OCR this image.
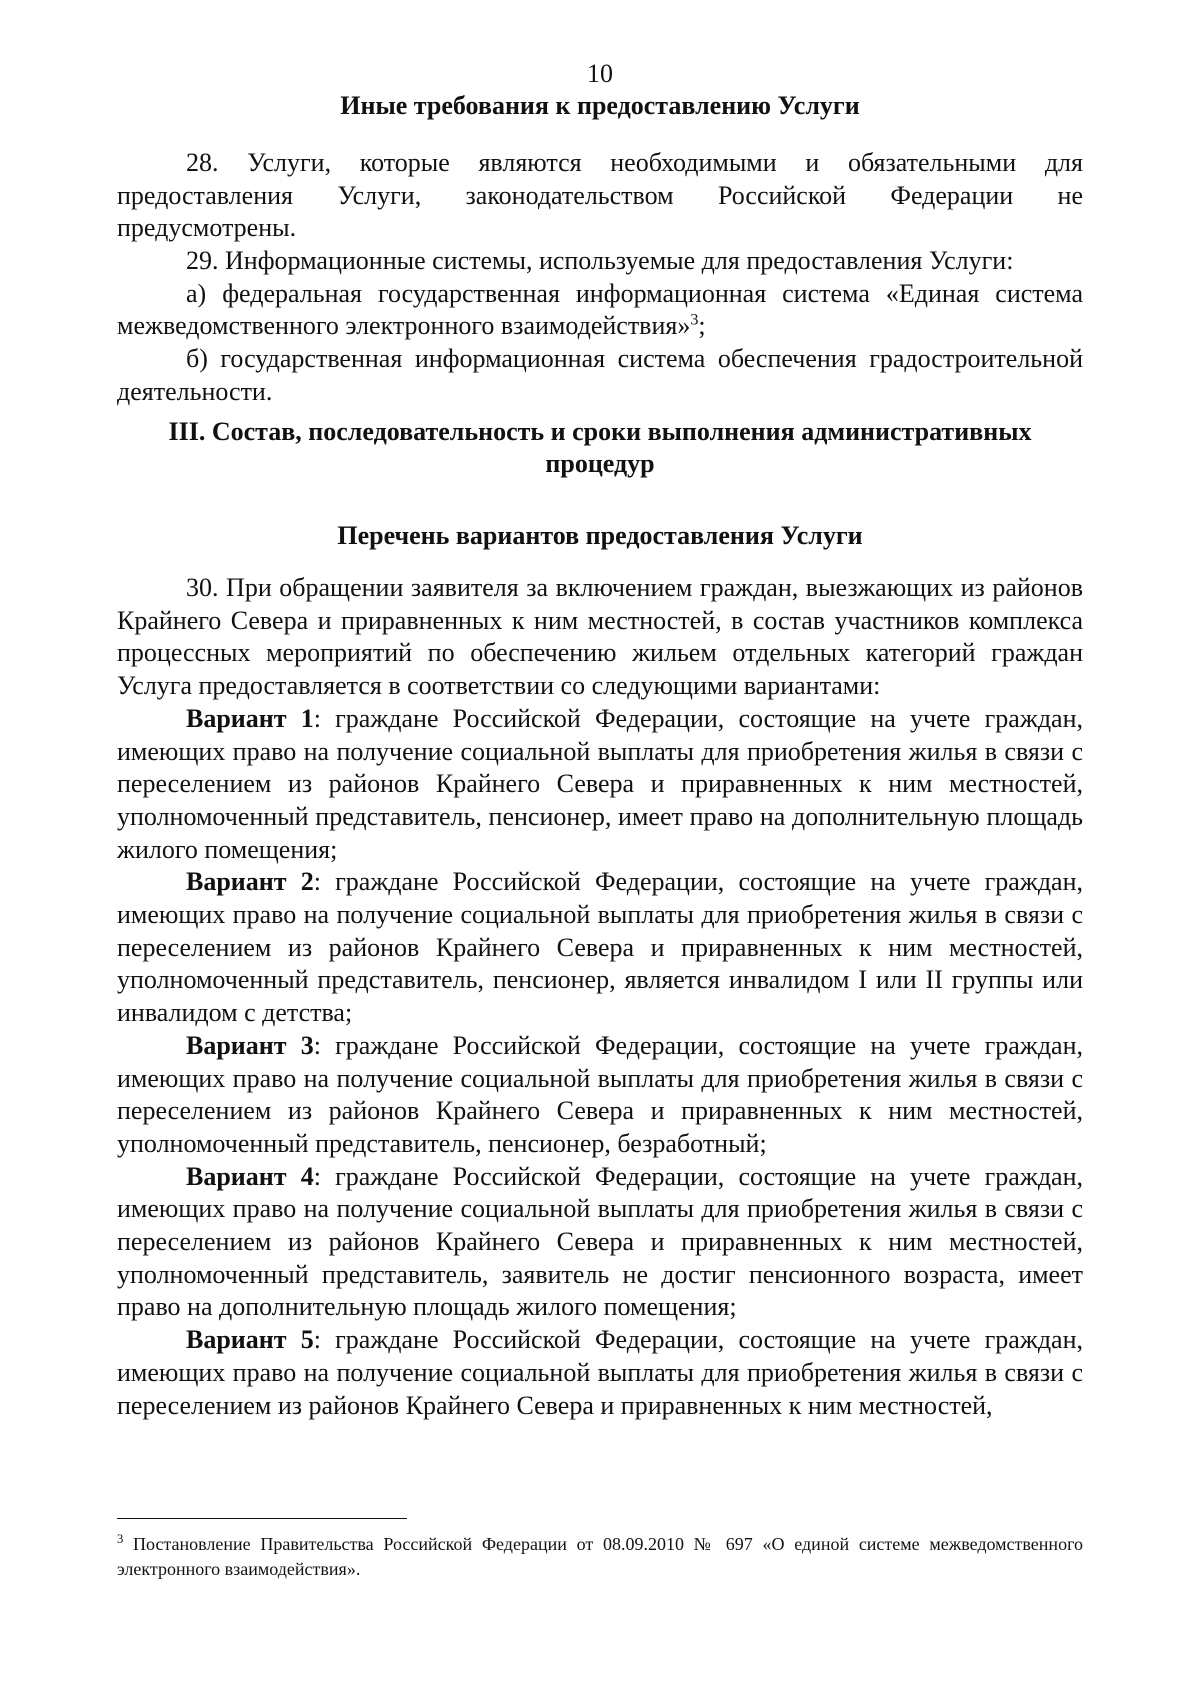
10

Иные требования к предоставлению Услуги

28. Услуги, которые являются необходимыми и обязательными для

предоставления Услуги, законодательством Российской Федерации не

предусмотрены.

29. Информационные системы, используемые для предоставления Услуги:

а) федеральная государственная информационная система «Единая система межведомственного электронного взаимодействия»$^3$;

б) государственная информационная система обеспечения градостроительной деятельности.

III. Состав, последовательность и сроки выполнения административных

процедур

Перечень вариантов предоставления Услуги

30. При обращении заявителя за включением граждан, выезжающих из районов Крайнего Севера и приравненных к ним местностей, в состав участников комплекса процессных мероприятий по обеспечению жильем отдельных категорий граждан Услуга предоставляется в соответствии со следующими вариантами:

Вариант 1: граждане Российской Федерации, состоящие на учете граждан, имеющих право на получение социальной выплаты для приобретения жилья в связи с переселением из районов Крайнего Севера и приравненных к ним местностей, уполномоченный представитель, пенсионер, имеет право на дополнительную площадь жилого помещения;

Вариант 2: граждане Российской Федерации, состоящие на учете граждан, имеющих право на получение социальной выплаты для приобретения жилья в связи с переселением из районов Крайнего Севера и приравненных к ним местностей, уполномоченный представитель, пенсионер, является инвалидом I или II группы или инвалидом с детства;

Вариант 3: граждане Российской Федерации, состоящие на учете граждан, имеющих право на получение социальной выплаты для приобретения жилья в связи с переселением из районов Крайнего Севера и приравненных к ним местностей, уполномоченный представитель, пенсионер, безработный;

Вариант 4: граждане Российской Федерации, состоящие на учете граждан, имеющих право на получение социальной выплаты для приобретения жилья в связи с переселением из районов Крайнего Севера и приравненных к ним местностей, уполномоченный представитель, заявитель не достиг пенсионного возраста, имеет право на дополнительную площадь жилого помещения;

Вариант 5: граждане Российской Федерации, состоящие на учете граждан, имеющих право на получение социальной выплаты для приобретения жилья в связи с переселением из районов Крайнего Севера и приравненных к ним местностей,

$^3$ Постановление Правительства Российской Федерации от 08.09.2010 № 697 «О единой системе межведомственного электронного взаимодействия».
